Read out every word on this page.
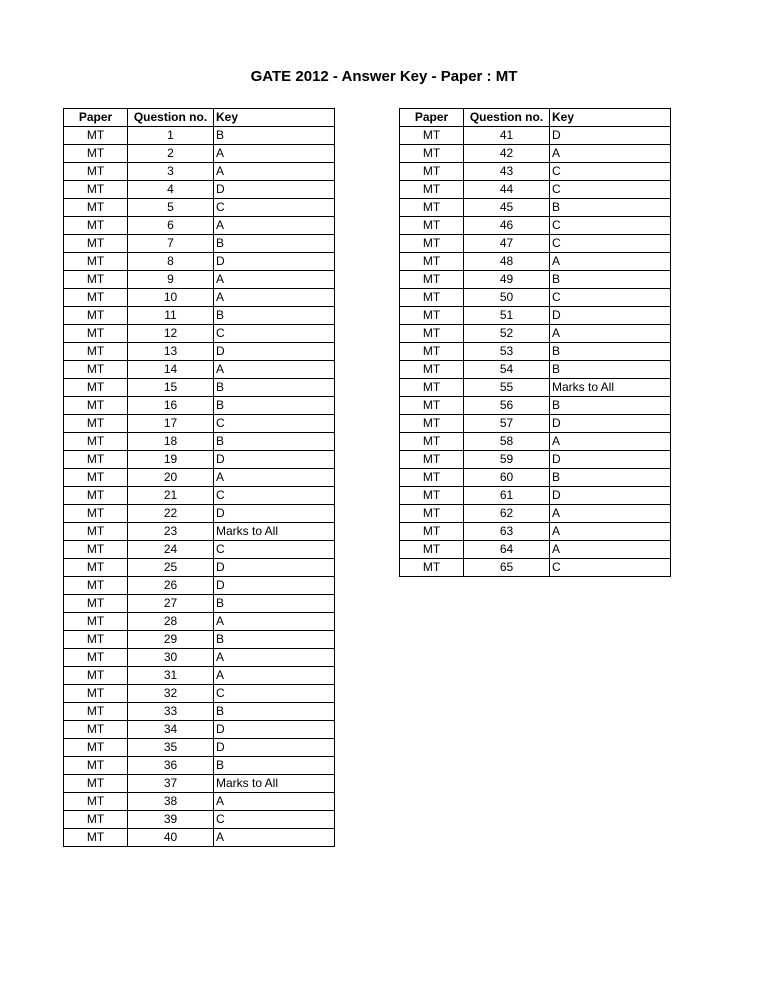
GATE 2012 - Answer Key - Paper : MT
Paper	Question no.	Key
MT	1	B
MT	2	A
MT	3	A
MT	4	D
MT	5	C
MT	6	A
MT	7	B
MT	8	D
MT	9	A
MT	10	A
MT	11	B
MT	12	C
MT	13	D
MT	14	A
MT	15	B
MT	16	B
MT	17	C
MT	18	B
MT	19	D
MT	20	A
MT	21	C
MT	22	D
MT	23	Marks to All
MT	24	C
MT	25	D
MT	26	D
MT	27	B
MT	28	A
MT	29	B
MT	30	A
MT	31	A
MT	32	C
MT	33	B
MT	34	D
MT	35	D
MT	36	B
MT	37	Marks to All
MT	38	A
MT	39	C
MT	40	A
Paper	Question no.	Key
MT	41	D
MT	42	A
MT	43	C
MT	44	C
MT	45	B
MT	46	C
MT	47	C
MT	48	A
MT	49	B
MT	50	C
MT	51	D
MT	52	A
MT	53	B
MT	54	B
MT	55	Marks to All
MT	56	B
MT	57	D
MT	58	A
MT	59	D
MT	60	B
MT	61	D
MT	62	A
MT	63	A
MT	64	A
MT	65	C
